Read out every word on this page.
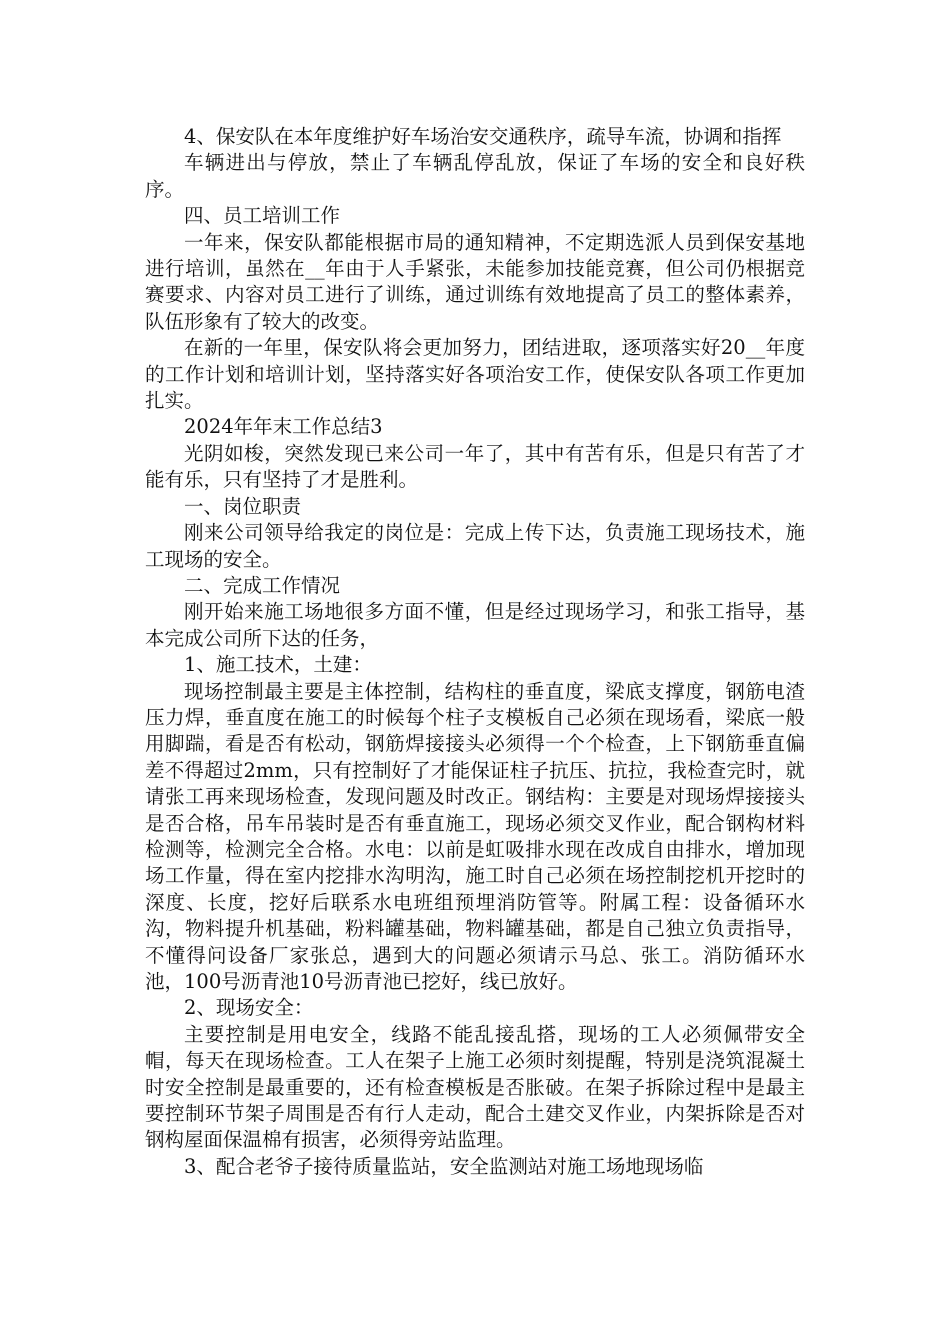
4、保安队在本年度维护好车场治安交通秩序，疏导车流，协调和指挥

车辆进出与停放，禁止了车辆乱停乱放，保证了车场的安全和良好秩序。

四、员工培训工作

一年来，保安队都能根据市局的通知精神，不定期选派人员到保安基地进行培训，虽然在__年由于人手紧张，未能参加技能竞赛，但公司仍根据竞赛要求、内容对员工进行了训练，通过训练有效地提高了员工的整体素养，队伍形象有了较大的改变。

在新的一年里，保安队将会更加努力，团结进取，逐项落实好20__年度的工作计划和培训计划，坚持落实好各项治安工作，使保安队各项工作更加扎实。

2024年年末工作总结3

光阴如梭，突然发现已来公司一年了，其中有苦有乐，但是只有苦了才能有乐，只有坚持了才是胜利。

一、岗位职责

刚来公司领导给我定的岗位是：完成上传下达，负责施工现场技术，施工现场的安全。

二、完成工作情况

刚开始来施工场地很多方面不懂，但是经过现场学习，和张工指导，基本完成公司所下达的任务，

1、施工技术，土建：

现场控制最主要是主体控制，结构柱的垂直度，梁底支撑度，钢筋电渣压力焊，垂直度在施工的时候每个柱子支模板自己必须在现场看，梁底一般用脚踹，看是否有松动，钢筋焊接接头必须得一个个检查，上下钢筋垂直偏差不得超过2mm，只有控制好了才能保证柱子抗压、抗拉，我检查完时，就请张工再来现场检查，发现问题及时改正。钢结构：主要是对现场焊接接头是否合格，吊车吊装时是否有垂直施工，现场必须交叉作业，配合钢构材料检测等，检测完全合格。水电：以前是虹吸排水现在改成自由排水，增加现场工作量，得在室内挖排水沟明沟，施工时自己必须在场控制挖机开挖时的深度、长度，挖好后联系水电班组预埋消防管等。附属工程：设备循环水沟，物料提升机基础，粉料罐基础，物料罐基础，都是自己独立负责指导，不懂得问设备厂家张总，遇到大的问题必须请示马总、张工。消防循环水池，100号沥青池10号沥青池已挖好，线已放好。

2、现场安全：

主要控制是用电安全，线路不能乱接乱搭，现场的工人必须佩带安全帽，每天在现场检查。工人在架子上施工必须时刻提醒，特别是浇筑混凝土时安全控制是最重要的，还有检查模板是否胀破。在架子拆除过程中是最主要控制环节架子周围是否有行人走动，配合土建交叉作业，内架拆除是否对钢构屋面保温棉有损害，必须得旁站监理。

3、配合老爷子接待质量监站，安全监测站对施工场地现场临
